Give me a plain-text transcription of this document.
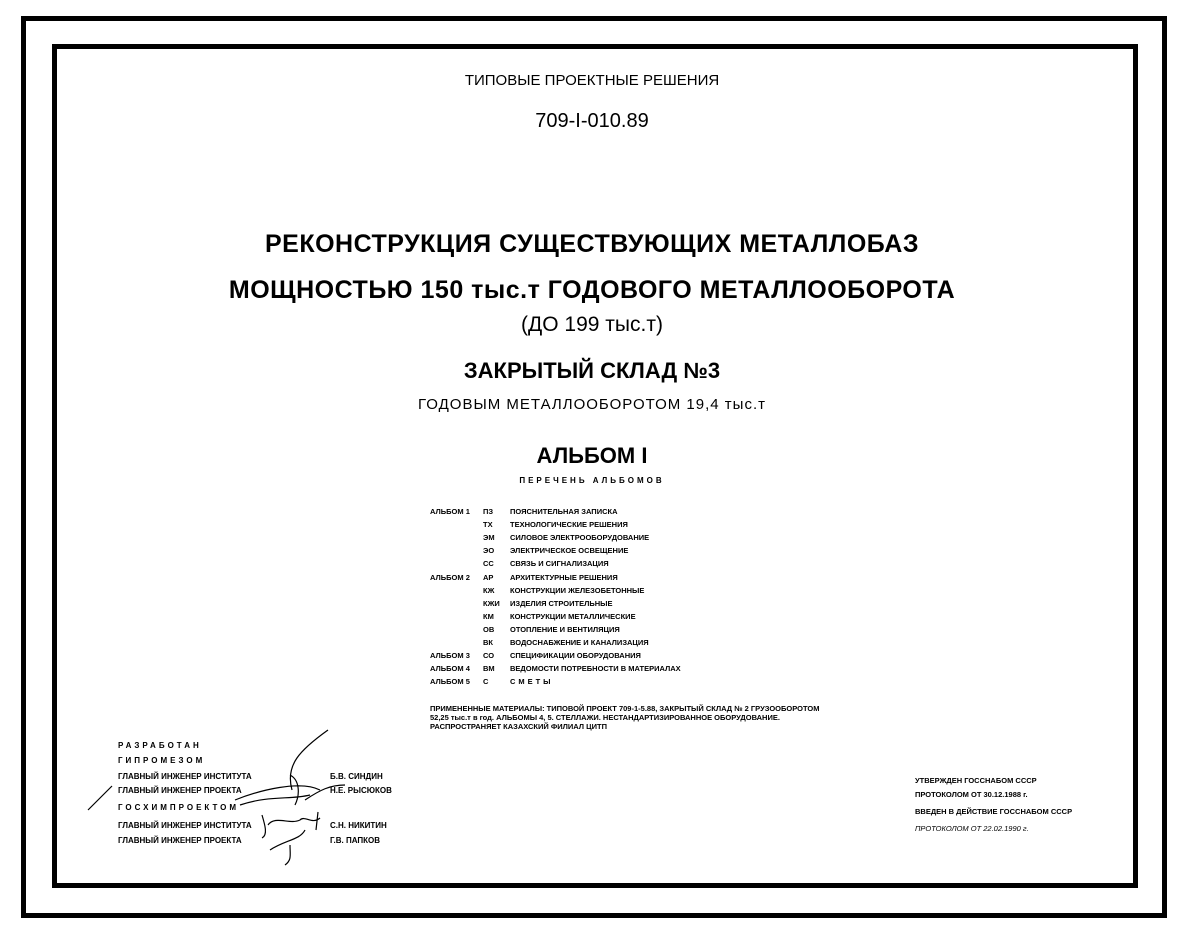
ТИПОВЫЕ ПРОЕКТНЫЕ РЕШЕНИЯ
709-I-010.89
РЕКОНСТРУКЦИЯ СУЩЕСТВУЮЩИХ МЕТАЛЛОБАЗ
МОЩНОСТЬЮ 150 тыс.т ГОДОВОГО МЕТАЛЛООБОРОТА
(ДО 199 тыс.т)
ЗАКРЫТЫЙ СКЛАД №3
ГОДОВЫМ МЕТАЛЛООБОРОТОМ 19,4 тыс.т
АЛЬБОМ I
ПЕРЕЧЕНЬ АЛЬБОМОВ
АЛЬБОМ 1 ПЗ ПОЯСНИТЕЛЬНАЯ ЗАПИСКА
ТХ ТЕХНОЛОГИЧЕСКИЕ РЕШЕНИЯ
ЭМ СИЛОВОЕ ЭЛЕКТРООБОРУДОВАНИЕ
ЭО ЭЛЕКТРИЧЕСКОЕ ОСВЕЩЕНИЕ
СС СВЯЗЬ И СИГНАЛИЗАЦИЯ
АЛЬБОМ 2 АР АРХИТЕКТУРНЫЕ РЕШЕНИЯ
КЖ КОНСТРУКЦИИ ЖЕЛЕЗОБЕТОННЫЕ
КЖИ ИЗДЕЛИЯ СТРОИТЕЛЬНЫЕ
КМ КОНСТРУКЦИИ МЕТАЛЛИЧЕСКИЕ
ОВ ОТОПЛЕНИЕ И ВЕНТИЛЯЦИЯ
ВК ВОДОСНАБЖЕНИЕ И КАНАЛИЗАЦИЯ
АЛЬБОМ 3 СО СПЕЦИФИКАЦИИ ОБОРУДОВАНИЯ
АЛЬБОМ 4 ВМ ВЕДОМОСТИ ПОТРЕБНОСТИ В МАТЕРИАЛАХ
АЛЬБОМ 5 С	СМЕТЫ
ПРИМЕНЕННЫЕ МАТЕРИАЛЫ: ТИПОВОЙ ПРОЕКТ 709-1-5.88, ЗАКРЫТЫЙ СКЛАД № 2 ГРУЗООБОРОТОМ
52,25 тыс.т в год. АЛЬБОМЫ 4, 5. СТЕЛЛАЖИ. НЕСТАНДАРТИЗИРОВАННОЕ ОБОРУДОВАНИЕ.
РАСПРОСТРАНЯЕТ КАЗАХСКИЙ ФИЛИАЛ ЦИТП
РАЗРАБОТАН
ГИПРОМЕЗОМ
ГЛАВНЫЙ ИНЖЕНЕР ИНСТИТУТА	Б.В. СИНДИН
ГЛАВНЫЙ ИНЖЕНЕР ПРОЕКТА	Н.Е. РЫСЮКОВ
ГОСХИМПРОЕКТОМ
ГЛАВНЫЙ ИНЖЕНЕР ИНСТИТУТА	С.Н. НИКИТИН
ГЛАВНЫЙ ИНЖЕНЕР ПРОЕКТА	Г.В. ПАПКОВ
УТВЕРЖДЕН ГОССНАБОМ СССР
ПРОТОКОЛОМ ОТ 30.12.1988 г.
ВВЕДЕН В ДЕЙСТВИЕ ГОССНАБОМ СССР
ПРОТОКОЛОМ ОТ 22.02.1990 г.
